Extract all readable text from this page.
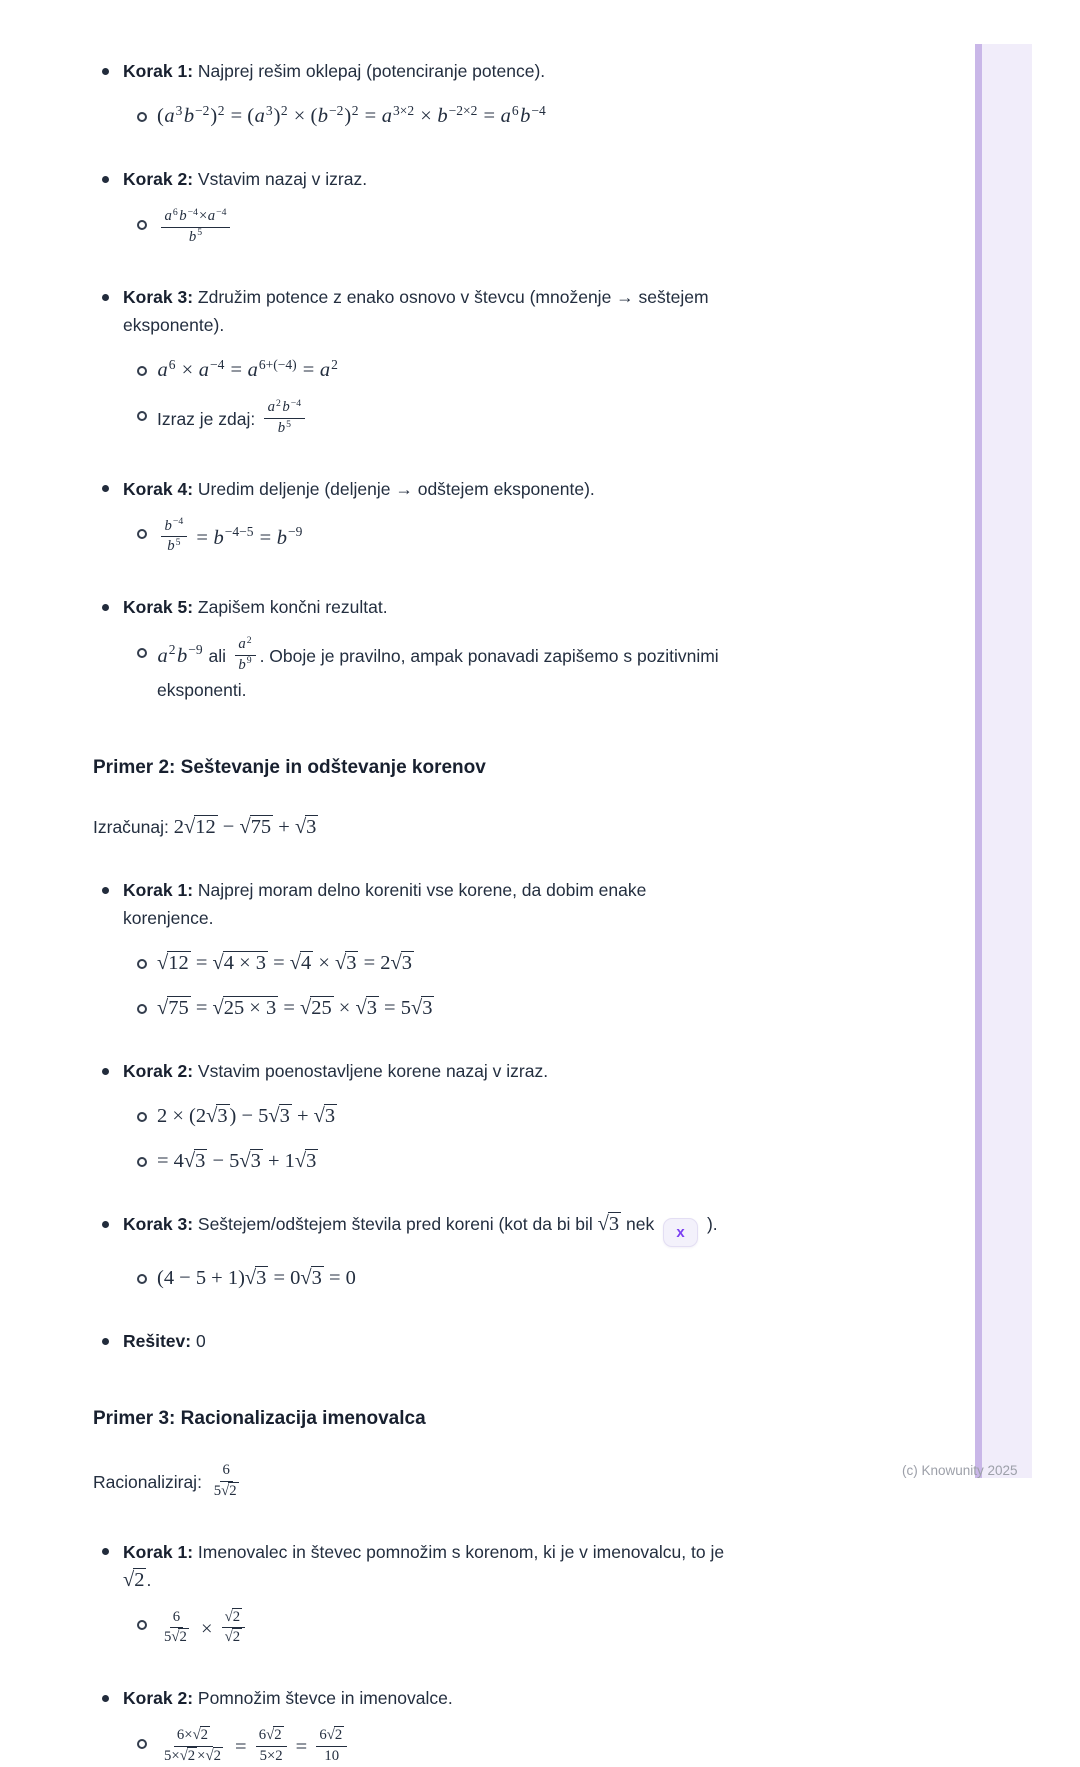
Korak 1: Najprej rešim oklepaj (potenciranje potence).
$(a^3b^{-2})^2 = (a^3)^2 \times (b^{-2})^2 = a^{3\times 2} \times b^{-2\times 2} = a^6b^{-4}$
Korak 2: Vstavim nazaj v izraz.
$\frac{a^6 b^{-4}\times a^{-4}}{b^5}$
Korak 3: Združim potence z enako osnovo v števcu (množenje → seštejem
eksponente).
$a^6 \times a^{-4} = a^{6+(-4)} = a^2$
Izraz je zdaj: $\frac{a^2 b^{-4}}{b^5}$
Korak 4: Uredim deljenje (deljenje → odštejem eksponente).
$\frac{b^{-4}}{b^5} = b^{-4-5} = b^{-9}$
Korak 5: Zapišem končni rezultat.
$a^2b^{-9}$ ali $\frac{a^2}{b^9}$ . Oboje je pravilno, ampak ponavadi zapišemo s pozitivnimi
eksponenti.
Primer 2: Seštevanje in odštevanje korenov
Izračunaj: 2√12 − √75 + √3
Korak 1: Najprej moram delno koreniti vse korene, da dobim enake
korenjence.
√12 = √4 × 3 = √4 × √3 = 2√3
√75 = √25 × 3 = √25 × √3 = 5√3
Korak 2: Vstavim poenostavljene korene nazaj v izraz.
2 × (2√3) − 5√3 + √3
= 4√3 − 5√3 + 1√3
Korak 3: Seštejem/odštejem števila pred koreni (kot da bi bil √3 nek x ).
(4 − 5 + 1)√3 = 0√3 = 0
Rešitev: 0
Primer 3: Racionalizacija imenovalca
Racionaliziraj: $\frac{6}{5√2}$
Korak 1: Imenovalec in števec pomnožim s korenom, ki je v imenovalcu, to je
√2 .
$\frac{6}{5√2} \times \frac{√2}{√2}$
Korak 2: Pomnožim števce in imenovalce.
$\frac{6\times√2}{5\times√2 \times√2} = \frac{6√2}{5\times 2} = \frac{6√2}{10}$
(c) Knowunity 2025
